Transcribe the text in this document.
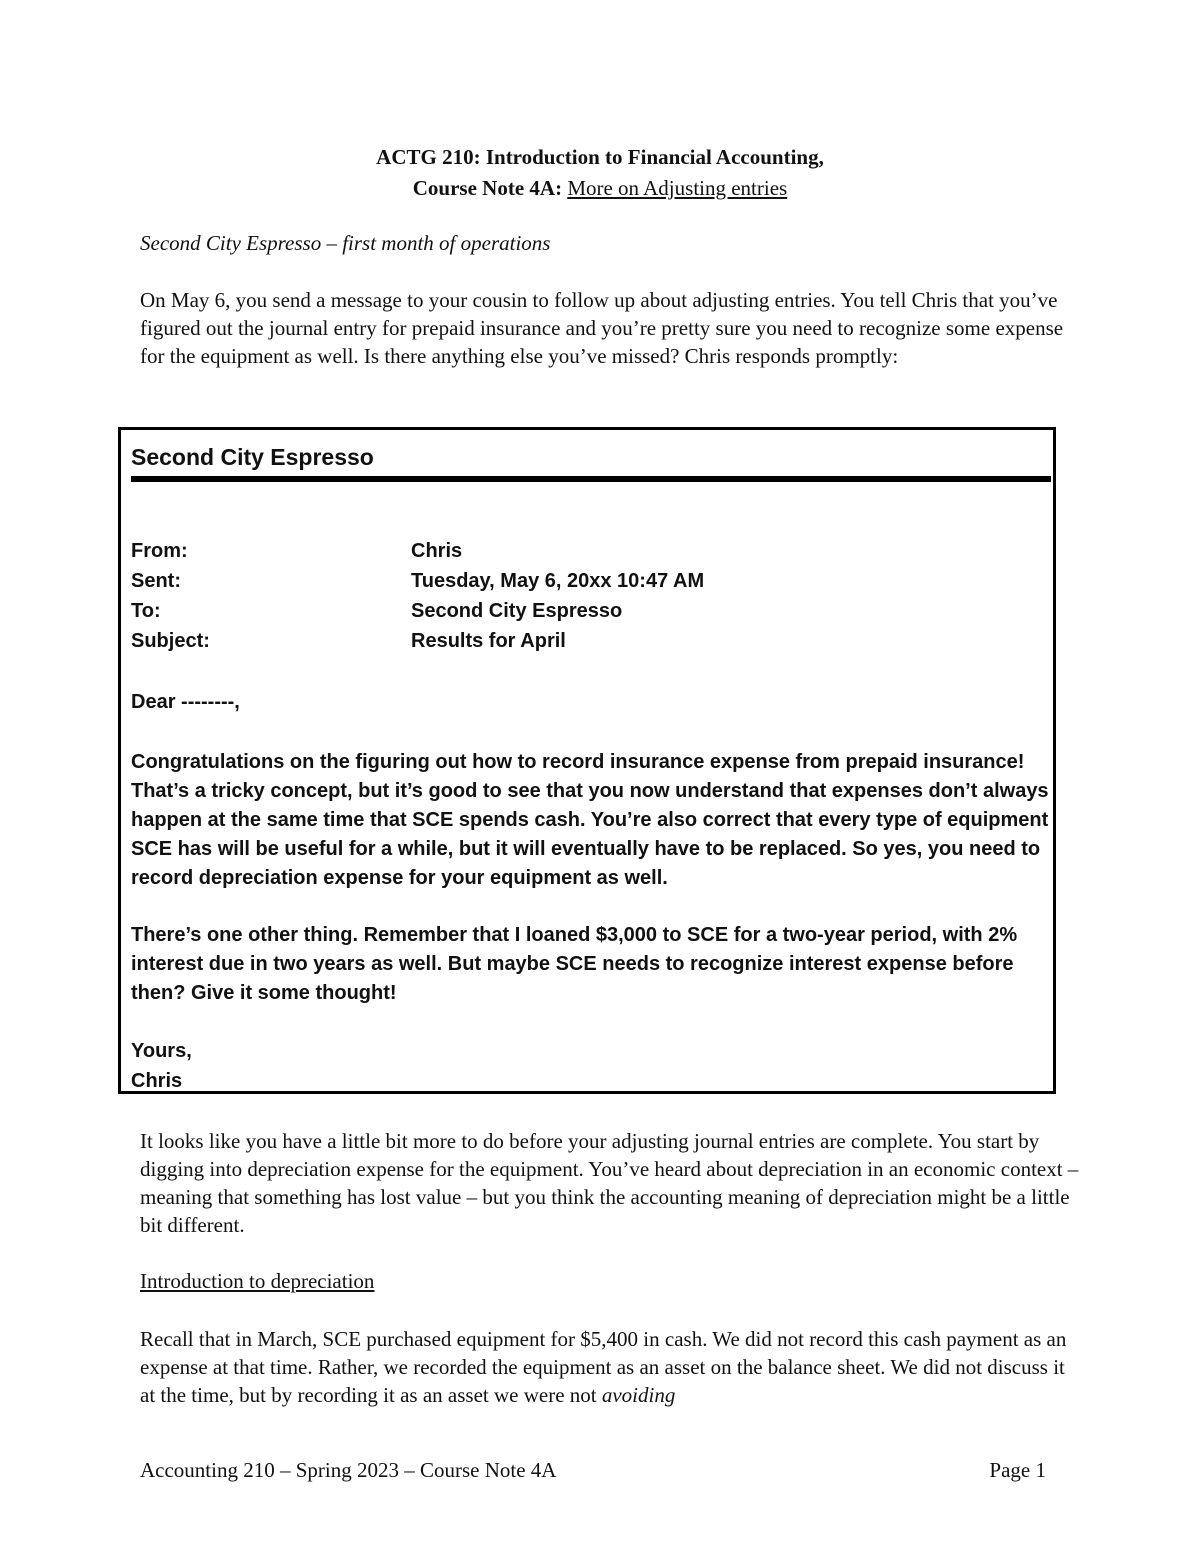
ACTG 210: Introduction to Financial Accounting,
Course Note 4A: More on Adjusting entries

Second City Espresso – first month of operations

On May 6, you send a message to your cousin to follow up about adjusting entries. You tell Chris that you’ve figured out the journal entry for prepaid insurance and you’re pretty sure you need to recognize some expense for the equipment as well. Is there anything else you’ve missed? Chris responds promptly:

Second City Espresso
From:	Chris
Sent:	Tuesday, May 6, 20xx 10:47 AM
To:	Second City Espresso
Subject:	Results for April

Dear --------,

Congratulations on the figuring out how to record insurance expense from prepaid insurance! That’s a tricky concept, but it’s good to see that you now understand that expenses don’t always happen at the same time that SCE spends cash. You’re also correct that every type of equipment SCE has will be useful for a while, but it will eventually have to be replaced. So yes, you need to record depreciation expense for your equipment as well.

There’s one other thing. Remember that I loaned $3,000 to SCE for a two-year period, with 2% interest due in two years as well. But maybe SCE needs to recognize interest expense before then? Give it some thought!

Yours,

Chris

It looks like you have a little bit more to do before your adjusting journal entries are complete. You start by digging into depreciation expense for the equipment. You’ve heard about depreciation in an economic context – meaning that something has lost value – but you think the accounting meaning of depreciation might be a little bit different.

Introduction to depreciation

Recall that in March, SCE purchased equipment for $5,400 in cash. We did not record this cash payment as an expense at that time. Rather, we recorded the equipment as an asset on the balance sheet. We did not discuss it at the time, but by recording it as an asset we were not avoiding

Accounting 210 – Spring 2023 – Course Note 4A	Page 1
